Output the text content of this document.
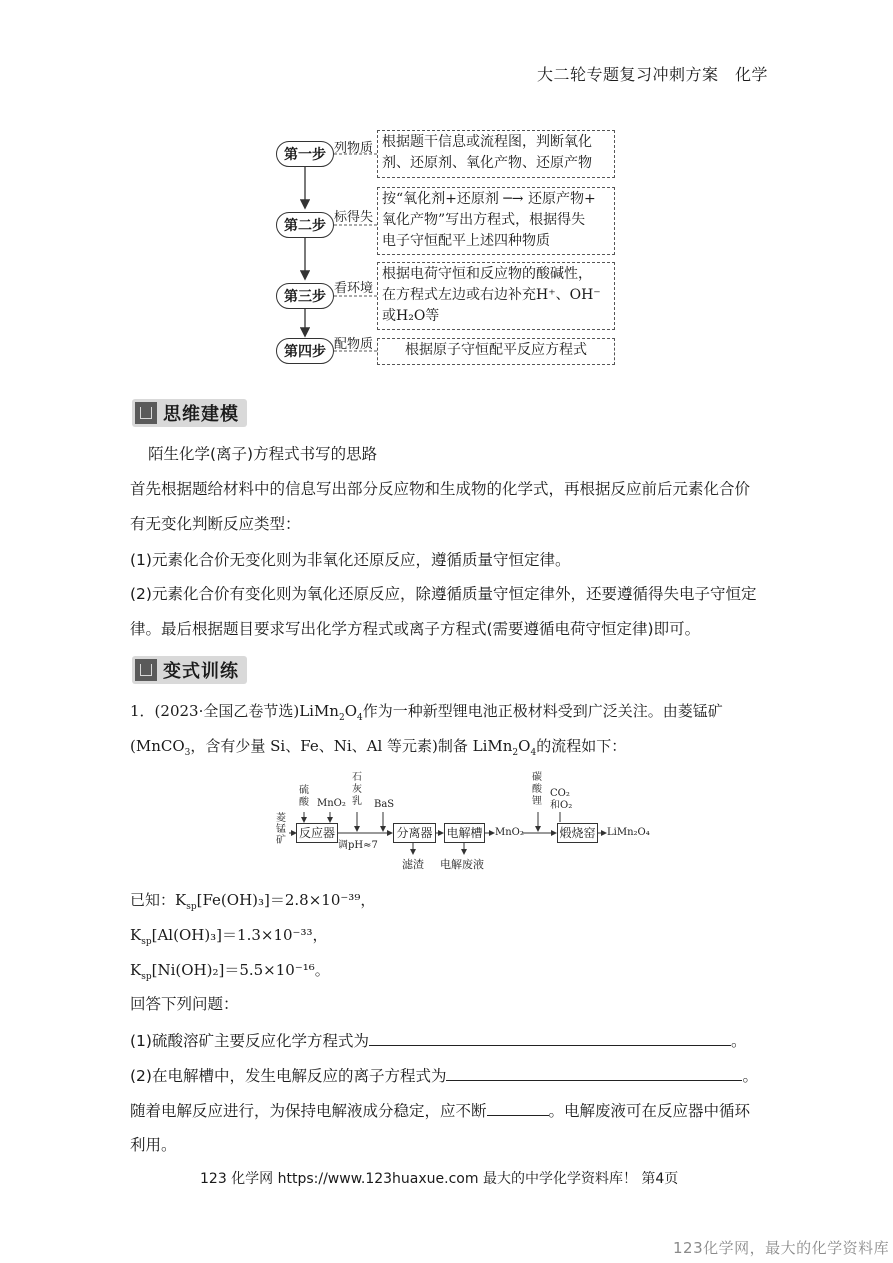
大二轮专题复习冲刺方案　化学
第一步 列物质 根据题干信息或流程图，判断氧化
剂、还原剂、氧化产物、还原产物
第二步
标得失
按“氧化剂+还原剂 ─→ 还原产物+
氧化产物”写出方程式，根据得失
电子守恒配平上述四种物质
第三步
看环境
根据电荷守恒和反应物的酸碱性，
在方程式左边或右边补充H⁺、OH⁻
或H₂O等
第四步 配物质	根据原子守恒配平反应方程式
思维建模
陌生化学(离子)方程式书写的思路
首先根据题给材料中的信息写出部分反应物和生成物的化学式，再根据反应前后元素化合价
有无变化判断反应类型：
(1)元素化合价无变化则为非氧化还原反应，遵循质量守恒定律。
(2)元素化合价有变化则为氧化还原反应，除遵循质量守恒定律外，还要遵循得失电子守恒定
律。最后根据题目要求写出化学方程式或离子方程式(需要遵循电荷守恒定律)即可。
变式训练
1．(2023·全国乙卷节选)$LiMn_2O_4$作为一种新型锂电池正极材料受到广泛关注。由菱锰矿
(MnCO$_3$，含有少量 Si、Fe、Ni、Al 等元素)制备 $LiMn_2O_4$的流程如下：
菱
锰
矿
硫
酸 MnO₂
石
灰
乳 BaS
反应器
调pH≈7
分离器
滤渣
电解槽
电解废液
MnO₂
碳
酸
锂
CO₂
和O₂
煅烧窑 LiMn₂O₄
已知：$K_{sp}[Fe(OH)_3]=2.8\times 10^{-39}$，
$K_{sp}[Al(OH)_3]=1.3\times 10^{-33}$，
$K_{sp}[Ni(OH)_2]=5.5\times 10^{-16}$。
回答下列问题：
(1)硫酸溶矿主要反应化学方程式为	。
(2)在电解槽中，发生电解反应的离子方程式为	。
随着电解反应进行，为保持电解液成分稳定，应不断	。电解废液可在反应器中循环
利用。
123 化学网 https://www.123huaxue.com 最大的中学化学资料库！ 第4页
123化学网，最大的化学资料库
